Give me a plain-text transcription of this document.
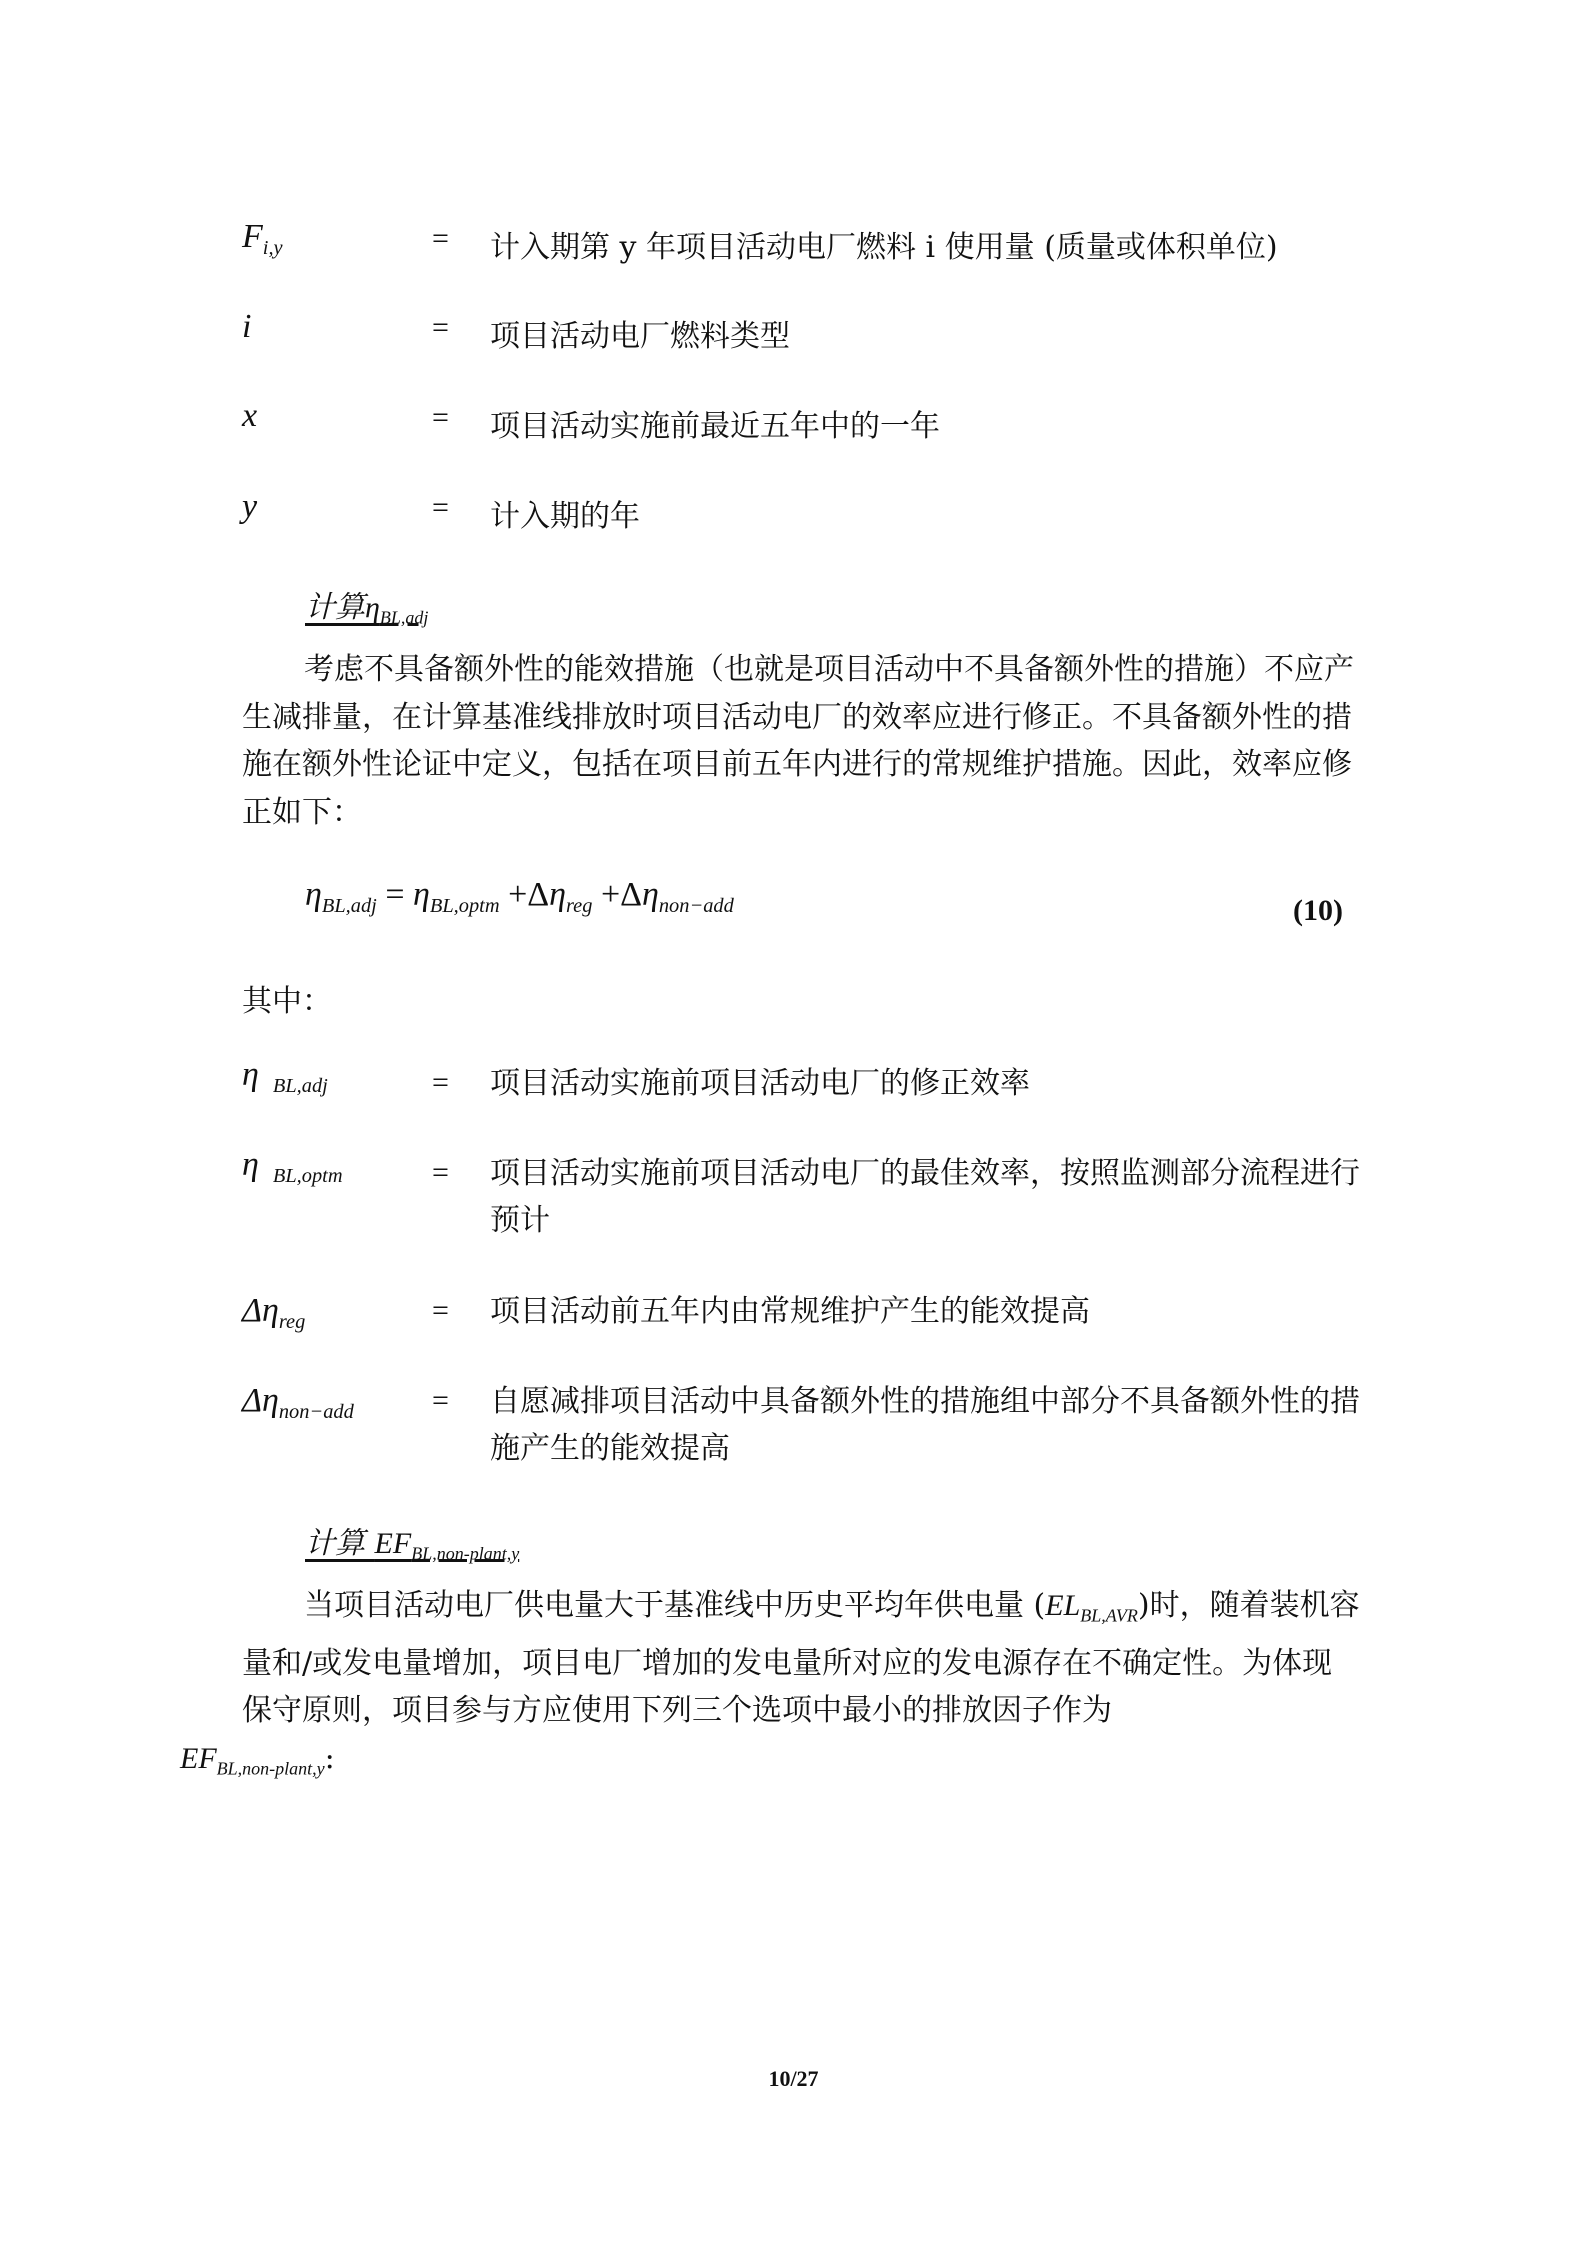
$F_{i,y}$	= 计入期第 y 年项目活动电厂燃料 i 使用量 (质量或体积单位)
i	= 项目活动电厂燃料类型
x	= 项目活动实施前最近五年中的一年
y	= 计入期的年
计算$\eta_{BL,adj}$
考虑不具备额外性的能效措施（也就是项目活动中不具备额外性的措施）不应产生减排量，在计算基准线排放时项目活动电厂的效率应进行修正。不具备额外性的措施在额外性论证中定义，包括在项目前五年内进行的常规维护措施。因此，效率应修正如下：
$\eta_{BL,adj} = \eta_{BL,optm} +\Delta\eta_{reg} +\Delta\eta_{non-add}$	(10)
其中：
η $_{BL,adj}$	= 项目活动实施前项目活动电厂的修正效率
η $_{BL,optm}$	= 项目活动实施前项目活动电厂的最佳效率，按照监测部分流程进行预计
$\Delta\eta_{reg}$	= 项目活动前五年内由常规维护产生的能效提高
$\Delta\eta_{non-add}$	= 自愿减排项目活动中具备额外性的措施组中部分不具备额外性的措施产生的能效提高
计算 $EF_{BL,non-plant,y}$
当项目活动电厂供电量大于基准线中历史平均年供电量 $(EL_{BL,AVR})$时，随着装机容量和/或发电量增加，项目电厂增加的发电量所对应的发电源存在不确定性。为体现保守原则，项目参与方应使用下列三个选项中最小的排放因子作为
$EF_{BL,non-plant,y}$:
10/27
